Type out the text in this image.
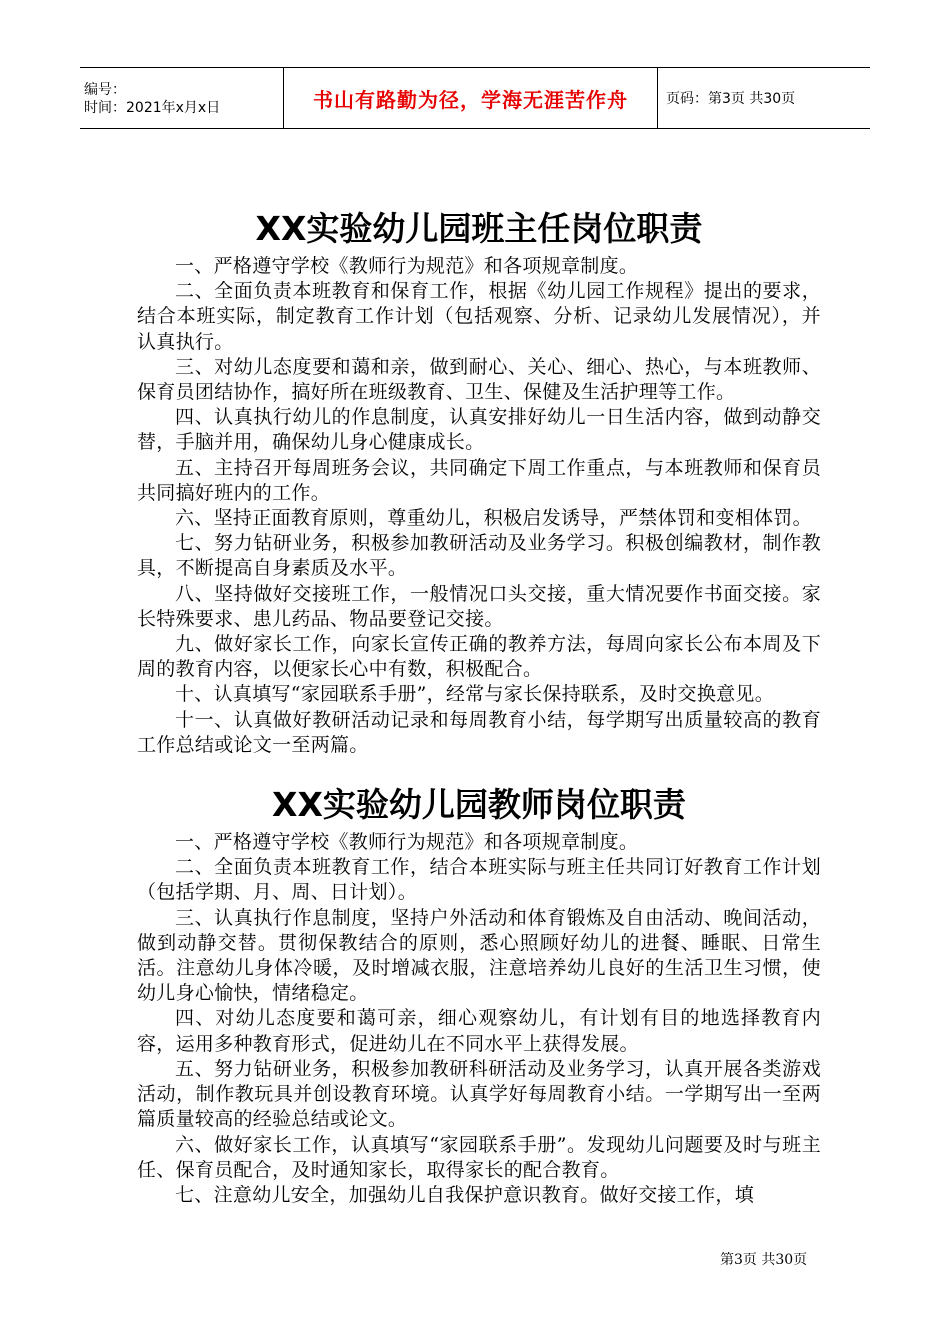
编号：
时间：2021年x月x日	书山有路勤为径，学海无涯苦作舟	页码：第3页 共30页
XX实验幼儿园班主任岗位职责

一、严格遵守学校《教师行为规范》和各项规章制度。

二、全面负责本班教育和保育工作，根据《幼儿园工作规程》提出的要求，结合本班实际，制定教育工作计划（包括观察、分析、记录幼儿发展情况），并认真执行。

三、对幼儿态度要和蔼和亲，做到耐心、关心、细心、热心，与本班教师、保育员团结协作，搞好所在班级教育、卫生、保健及生活护理等工作。

四、认真执行幼儿的作息制度，认真安排好幼儿一日生活内容，做到动静交替，手脑并用，确保幼儿身心健康成长。

五、主持召开每周班务会议，共同确定下周工作重点，与本班教师和保育员共同搞好班内的工作。

六、坚持正面教育原则，尊重幼儿，积极启发诱导，严禁体罚和变相体罚。

七、努力钻研业务，积极参加教研活动及业务学习。积极创编教材，制作教具，不断提高自身素质及水平。

八、坚持做好交接班工作，一般情况口头交接，重大情况要作书面交接。家长特殊要求、患儿药品、物品要登记交接。

九、做好家长工作，向家长宣传正确的教养方法，每周向家长公布本周及下周的教育内容，以便家长心中有数，积极配合。

十、认真填写“家园联系手册”，经常与家长保持联系，及时交换意见。

十一、认真做好教研活动记录和每周教育小结，每学期写出质量较高的教育工作总结或论文一至两篇。

XX实验幼儿园教师岗位职责

一、严格遵守学校《教师行为规范》和各项规章制度。

二、全面负责本班教育工作，结合本班实际与班主任共同订好教育工作计划（包括学期、月、周、日计划）。

三、认真执行作息制度，坚持户外活动和体育锻炼及自由活动、晚间活动，做到动静交替。贯彻保教结合的原则，悉心照顾好幼儿的进餐、睡眠、日常生活。注意幼儿身体冷暖，及时增减衣服，注意培养幼儿良好的生活卫生习惯，使幼儿身心愉快，情绪稳定。

四、对幼儿态度要和蔼可亲，细心观察幼儿，有计划有目的地选择教育内容，运用多种教育形式，促进幼儿在不同水平上获得发展。

五、努力钻研业务，积极参加教研科研活动及业务学习，认真开展各类游戏活动，制作教玩具并创设教育环境。认真学好每周教育小结。一学期写出一至两篇质量较高的经验总结或论文。

六、做好家长工作，认真填写“家园联系手册”。发现幼儿问题要及时与班主任、保育员配合，及时通知家长，取得家长的配合教育。

七、注意幼儿安全，加强幼儿自我保护意识教育。做好交接工作，填

第3页 共30页
